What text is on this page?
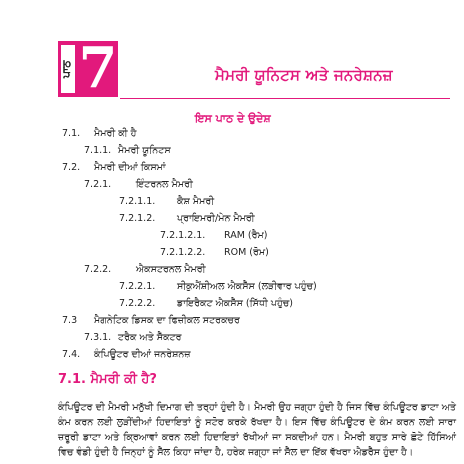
ਪਾਠ 7	ਮੈਮਰੀ ਯੂਨਿਟਸ ਅਤੇ ਜਨਰੇਸ਼ਨਜ਼
ਇਸ ਪਾਠ ਦੇ ਉਦੇਸ਼
7.1. ਮੈਮਰੀ ਕੀ ਹੈ
7.1.1. ਮੈਮਰੀ ਯੂਨਿਟਸ
7.2. ਮੈਮਰੀ ਦੀਆਂ ਕਿਸਮਾਂ
7.2.1.	ਇੰਟਰਨਲ ਮੈਮਰੀ
7.2.1.1. ਕੈਸ਼ ਮੈਮਰੀ
7.2.1.2. ਪ੍ਰਾਇਮਰੀ/ਮੇਨ ਮੈਮਰੀ
7.2.1.2.1. RAM (ਰੈਮ)
7.2.1.2.2. ROM (ਰੋਮ)
7.2.2.	ਐਕਸਟਰਨਲ ਮੈਮਰੀ
7.2.2.1. ਸੀਕੁਐਂਸ਼ੀਅਲ ਐਕਸੈੱਸ (ਲੜੀਵਾਰ ਪਹੁੰਚ)
7.2.2.2. ਡਾਇਰੈਕਟ ਐਕਸੈੱਸ (ਸਿੱਧੀ ਪਹੁੰਚ)
7.3 ਮੈਗਨੇਟਿਕ ਡਿਸਕ ਦਾ ਫਿਜ਼ੀਕਲ ਸਟਰਕਚਰ
7.3.1. ਟਰੈਕ ਅਤੇ ਸੈੱਕਟਰ
7.4. ਕੰਪਿਊਟਰ ਦੀਆਂ ਜਨਰੇਸ਼ਨਜ਼
7.1. ਮੈਮਰੀ ਕੀ ਹੈ?

ਕੰਪਿਊਟਰ ਦੀ ਮੈਮਰੀ ਮਨੁੱਖੀ ਦਿਮਾਗ ਦੀ ਤਰ੍ਹਾਂ ਹੁੰਦੀ ਹੈ। ਮੈਮਰੀ ਉਹ ਜਗ੍ਹਾ ਹੁੰਦੀ ਹੈ ਜਿਸ ਵਿੱਚ ਕੰਪਿਊਟਰ ਡਾਟਾ ਅਤੇ ਕੰਮ ਕਰਨ ਲਈ ਲੁੜੀਂਦੀਆਂ ਹਿਦਾਇਤਾਂ ਨੂੰ ਸਟੋਰ ਕਰਕੇ ਰੱਖਦਾ ਹੈ। ਇਸ ਵਿੱਚ ਕੰਪਿਊਟਰ ਦੇ ਕੰਮ ਕਰਨ ਲਈ ਸਾਰਾ ਜ਼ਰੂਰੀ ਡਾਟਾ ਅਤੇ ਕ੍ਰਿਆਵਾਂ ਕਰਨ ਲਈ ਹਿਦਾਇਤਾਂ ਰੱਖੀਆਂ ਜਾ ਸਕਦੀਆਂ ਹਨ। ਮੈਮਰੀ ਬਹੁਤ ਸਾਰੇ ਛੋਟੇ ਹਿੱਸਿਆਂ ਵਿਚ ਵੰਡੀ ਹੁੰਦੀ ਹੈ ਜਿਨ੍ਹਾਂ ਨੂੰ ਸੈੱਲ ਕਿਹਾ ਜਾਂਦਾ ਹੈ, ਹਰੇਕ ਜਗ੍ਹਾ ਜਾਂ ਸੈੱਲ ਦਾ ਇੱਕ ਵੱਖਰਾ ਐਡਰੈੱਸ ਹੁੰਦਾ ਹੈ।
